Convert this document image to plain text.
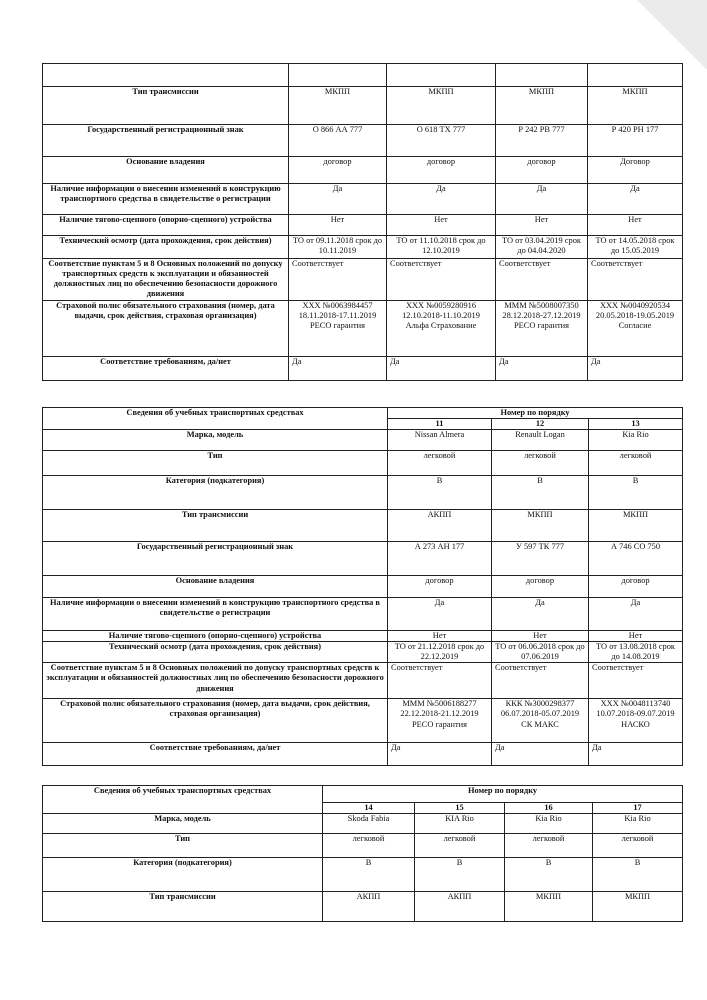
Тип трансмиссии	МКПП	МКПП	МКПП	МКПП
Государственный регистрационный знак	О 866 АА 777	О 618 ТХ 777	Р 242 РВ 777	Р 420 РН 177
Основание владения	договор	договор	договор	Договор
Наличие информации о внесении изменений в конструкцию транспортного средства в свидетельстве о регистрации	Да	Да	Да	Да
Наличие тягово-сцепного (опорно-сцепного) устройства	Нет	Нет	Нет	Нет
Технический осмотр (дата прохождения, срок действия)	ТО от 09.11.2018 срок до 10.11.2019	ТО от 11.10.2018 срок до 12.10.2019	ТО от 03.04.2019 срок до 04.04.2020	ТО от 14.05.2018 срок до 15.05.2019
Соответствие пунктам 5 и 8 Основных положений по допуску транспортных средств к эксплуатации и обязанностей должностных лиц по обеспечению безопасности дорожного движения	Соответствует	Соответствует	Соответствует	Соответствует
Страховой полис обязательного страхования (номер, дата выдачи, срок действия, страховая организация)	ХХХ №0063984457 18.11.2018-17.11.2019 РЕСО гарантия	ХХХ №0059280916 12.10.2018-11.10.2019 Альфа Страхование	МММ №5008007350 28.12.2018-27.12.2019 РЕСО гарантия	ХХХ №0040920534 20.05.2018-19.05.2019 Согласие
Соответствие требованиям, да/нет	Да	Да	Да	Да
Сведения об учебных транспортных средствах	Номер по порядку		
	11	12	13
Марка, модель	Nissan Almera	Renault Logan	Kia Rio
Тип	легковой	легковой	легковой
Категория (подкатегория)	В	В	В
Тип трансмиссии	АКПП	МКПП	МКПП
Государственный регистрационный знак	А 273 АН 177	У 597 ТК 777	А 746 СО 750
Основание владения	договор	договор	договор
Наличие информации о внесении изменений в конструкцию транспортного средства в свидетельстве о регистрации	Да	Да	Да
Наличие тягово-сцепного (опорно-сцепного) устройства	Нет	Нет	Нет
Технический осмотр (дата прохождения, срок действия)	ТО от 21.12.2018 срок до 22.12.2019	ТО от 06.06.2018 срок до 07.06.2019	ТО от 13.08.2018 срок до 14.08.2019
Соответствие пунктам 5 и 8 Основных положений по допуску транспортных средств к эксплуатации и обязанностей должностных лиц по обеспечению безопасности дорожного движения	Соответствует	Соответствует	Соответствует
Страховой полис обязательного страхования (номер, дата выдачи, срок действия, страховая организация)	МММ №5006188277 22.12.2018-21.12.2019 РЕСО гарантия	ККК №3000298377 06.07.2018-05.07.2019 СК МАКС	ХХХ №0048113740 10.07.2018-09.07.2019 НАСКО
Соответствие требованиям, да/нет	Да	Да	Да
Сведения об учебных транспортных средствах	Номер по порядку			
	14	15	16	17
Марка, модель	Skoda Fabia	KIA Rio	Kia Rio	Kia Rio
Тип	легковой	легковой	легковой	легковой
Категория (подкатегория)	В	В	В	В
Тип трансмиссии	АКПП	АКПП	МКПП	МКПП
